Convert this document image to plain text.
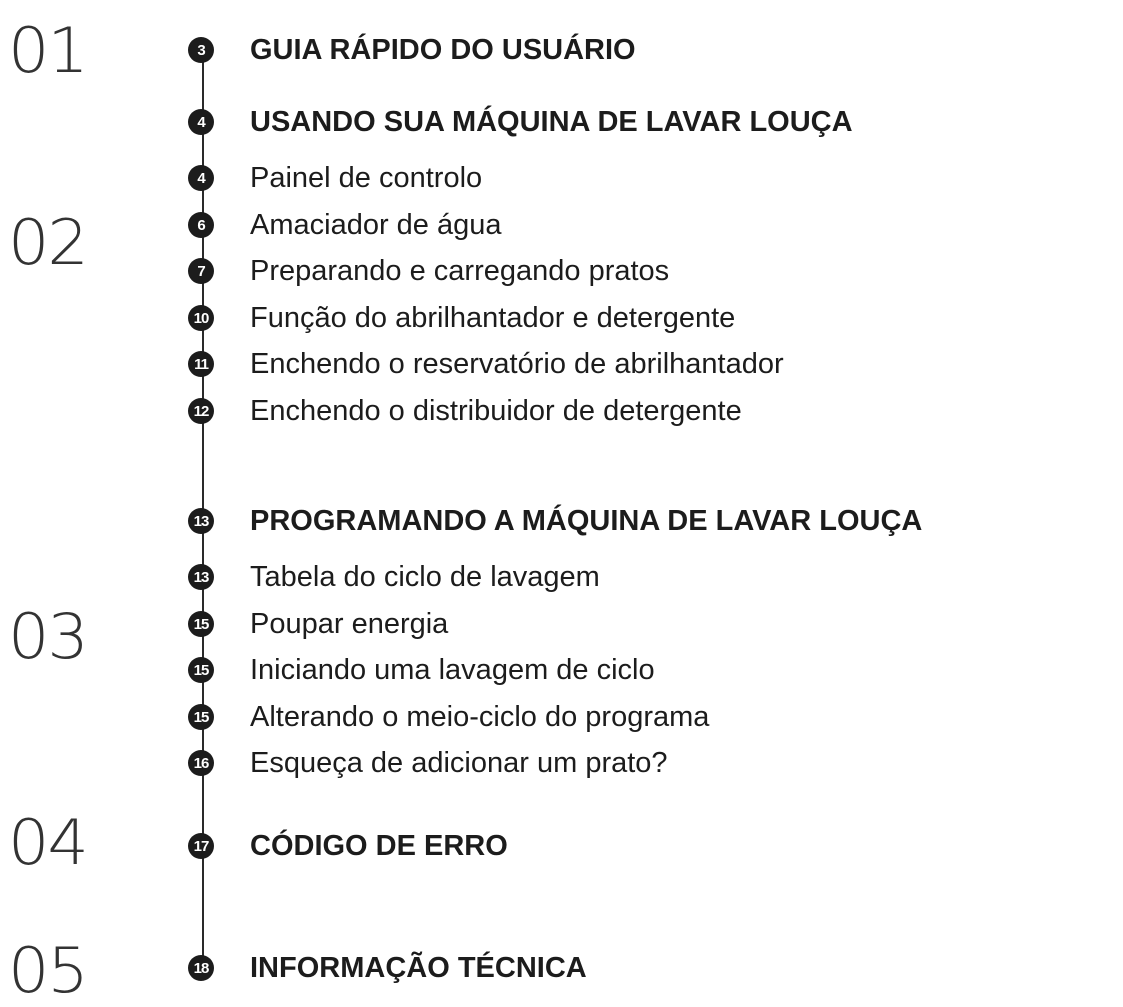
01
02
03
04
05
3	GUIA RÁPIDO DO USUÁRIO
4	USANDO SUA MÁQUINA DE LAVAR LOUÇA
4	Painel de controlo
6	Amaciador de água
7	Preparando e carregando pratos
10 Função do abrilhantador e detergente
11 Enchendo o reservatório de abrilhantador
12 Enchendo o distribuidor de detergente
13 PROGRAMANDO A MÁQUINA DE LAVAR LOUÇA
13 Tabela do ciclo de lavagem
15 Poupar energia
15 Iniciando uma lavagem de ciclo
15 Alterando o meio-ciclo do programa
16 Esqueça de adicionar um prato?
17 CÓDIGO DE ERRO
18 INFORMAÇÃO TÉCNICA
